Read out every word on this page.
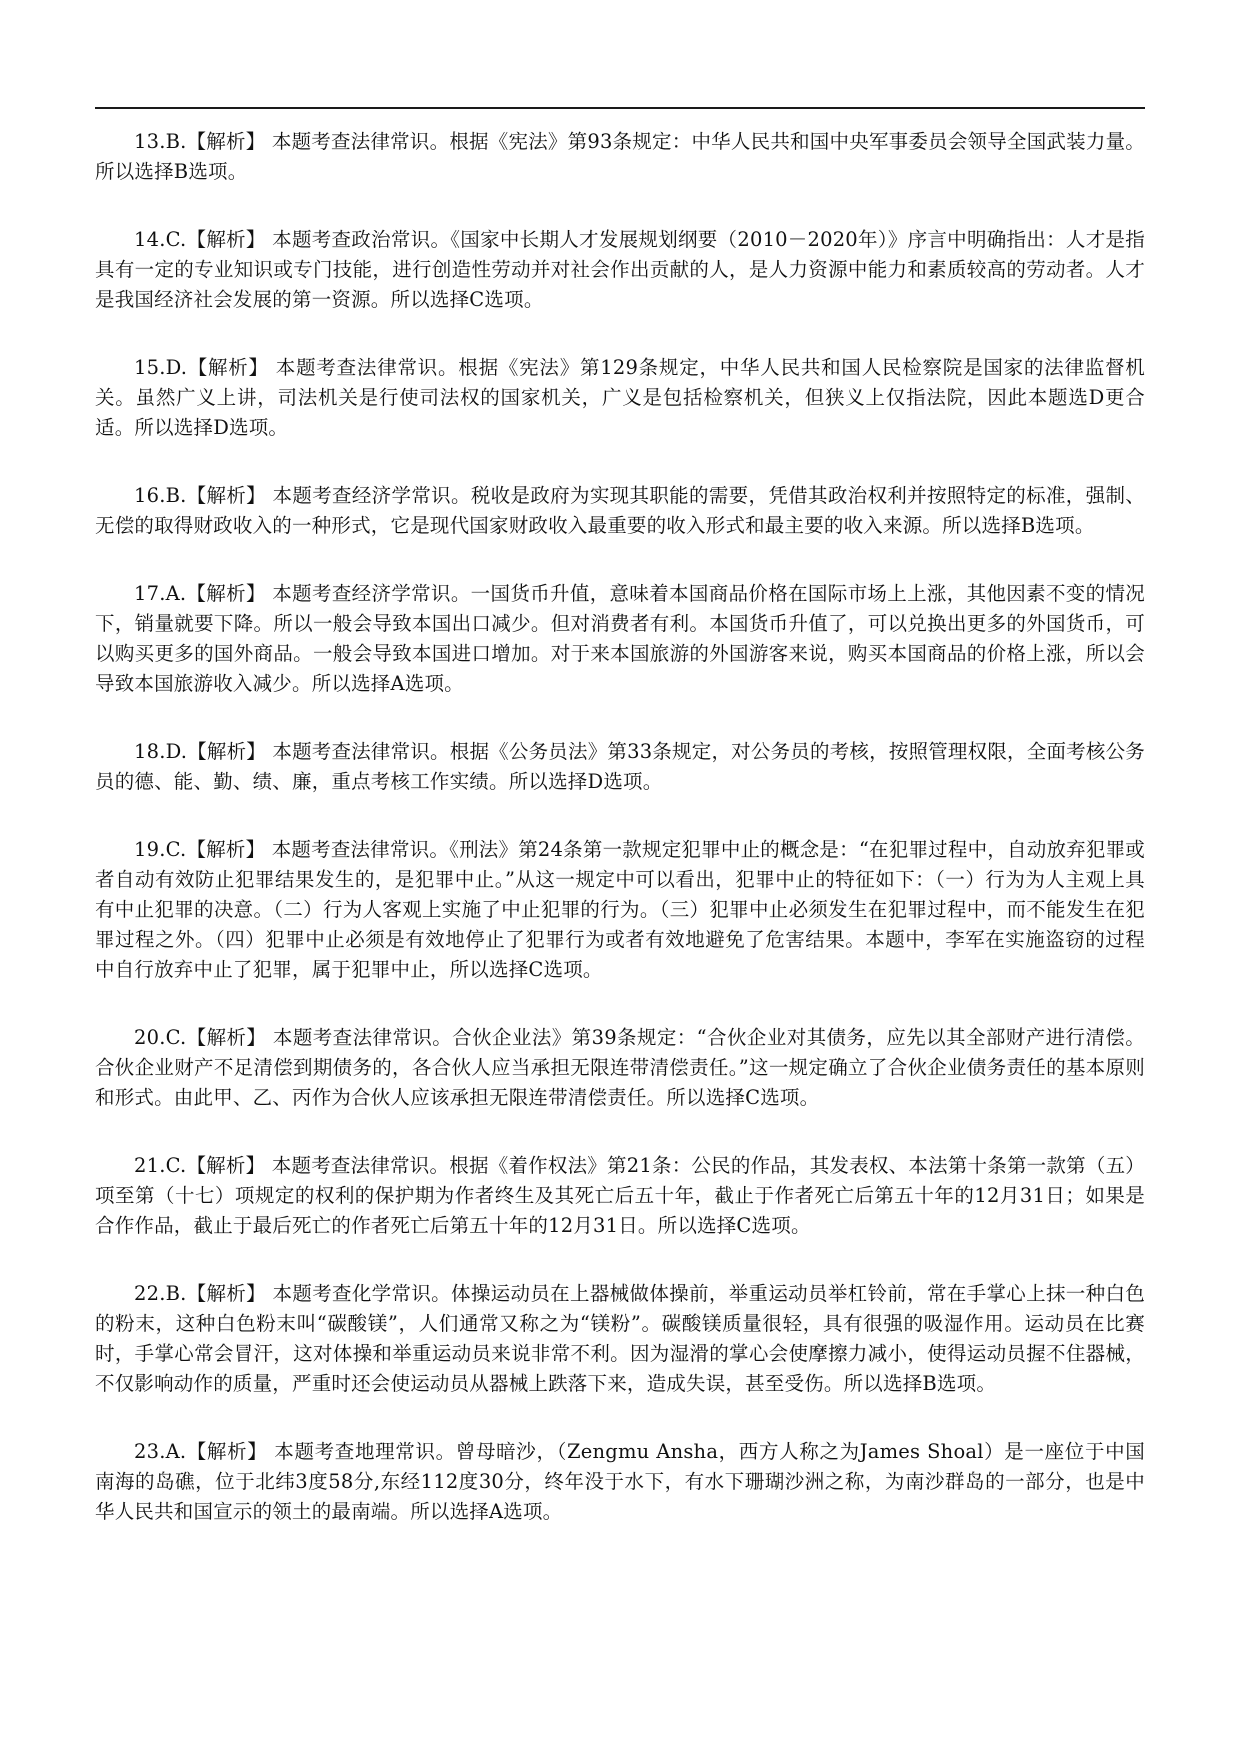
13.B.【解析】 本题考查法律常识。根据《宪法》第93条规定：中华人民共和国中央军事委员会领导全国武装力量。所以选择B选项。

14.C.【解析】 本题考查政治常识。《国家中长期人才发展规划纲要（2010－2020年）》序言中明确指出：人才是指具有一定的专业知识或专门技能，进行创造性劳动并对社会作出贡献的人，是人力资源中能力和素质较高的劳动者。人才是我国经济社会发展的第一资源。所以选择C选项。

15.D.【解析】 本题考查法律常识。根据《宪法》第129条规定，中华人民共和国人民检察院是国家的法律监督机关。虽然广义上讲，司法机关是行使司法权的国家机关，广义是包括检察机关，但狭义上仅指法院，因此本题选D更合适。所以选择D选项。

16.B.【解析】 本题考查经济学常识。税收是政府为实现其职能的需要，凭借其政治权利并按照特定的标准，强制、无偿的取得财政收入的一种形式，它是现代国家财政收入最重要的收入形式和最主要的收入来源。所以选择B选项。

17.A.【解析】 本题考查经济学常识。一国货币升值，意味着本国商品价格在国际市场上上涨，其他因素不变的情况下，销量就要下降。所以一般会导致本国出口减少。但对消费者有利。本国货币升值了，可以兑换出更多的外国货币，可以购买更多的国外商品。一般会导致本国进口增加。对于来本国旅游的外国游客来说，购买本国商品的价格上涨，所以会导致本国旅游收入减少。所以选择A选项。

18.D.【解析】 本题考查法律常识。根据《公务员法》第33条规定，对公务员的考核，按照管理权限，全面考核公务员的德、能、勤、绩、廉，重点考核工作实绩。所以选择D选项。

19.C.【解析】 本题考查法律常识。《刑法》第24条第一款规定犯罪中止的概念是：“在犯罪过程中，自动放弃犯罪或者自动有效防止犯罪结果发生的，是犯罪中止。”从这一规定中可以看出，犯罪中止的特征如下：（一）行为为人主观上具有中止犯罪的决意。（二）行为人客观上实施了中止犯罪的行为。（三）犯罪中止必须发生在犯罪过程中，而不能发生在犯罪过程之外。（四）犯罪中止必须是有效地停止了犯罪行为或者有效地避免了危害结果。本题中，李军在实施盗窃的过程中自行放弃中止了犯罪，属于犯罪中止，所以选择C选项。

20.C.【解析】 本题考查法律常识。合伙企业法》第39条规定：“合伙企业对其债务，应先以其全部财产进行清偿。合伙企业财产不足清偿到期债务的，各合伙人应当承担无限连带清偿责任。”这一规定确立了合伙企业债务责任的基本原则和形式。由此甲、乙、丙作为合伙人应该承担无限连带清偿责任。所以选择C选项。

21.C.【解析】 本题考查法律常识。根据《着作权法》第21条：公民的作品，其发表权、本法第十条第一款第（五）项至第（十七）项规定的权利的保护期为作者终生及其死亡后五十年，截止于作者死亡后第五十年的12月31日；如果是合作作品，截止于最后死亡的作者死亡后第五十年的12月31日。所以选择C选项。

22.B.【解析】 本题考查化学常识。体操运动员在上器械做体操前，举重运动员举杠铃前，常在手掌心上抹一种白色的粉末，这种白色粉末叫“碳酸镁”，人们通常又称之为“镁粉”。碳酸镁质量很轻，具有很强的吸湿作用。运动员在比赛时，手掌心常会冒汗，这对体操和举重运动员来说非常不利。因为湿滑的掌心会使摩擦力减小，使得运动员握不住器械，不仅影响动作的质量，严重时还会使运动员从器械上跌落下来，造成失误，甚至受伤。所以选择B选项。

23.A.【解析】 本题考查地理常识。曾母暗沙，（Zengmu Ansha，西方人称之为James Shoal）是一座位于中国南海的岛礁，位于北纬3度58分,东经112度30分，终年没于水下，有水下珊瑚沙洲之称，为南沙群岛的一部分，也是中华人民共和国宣示的领土的最南端。所以选择A选项。
